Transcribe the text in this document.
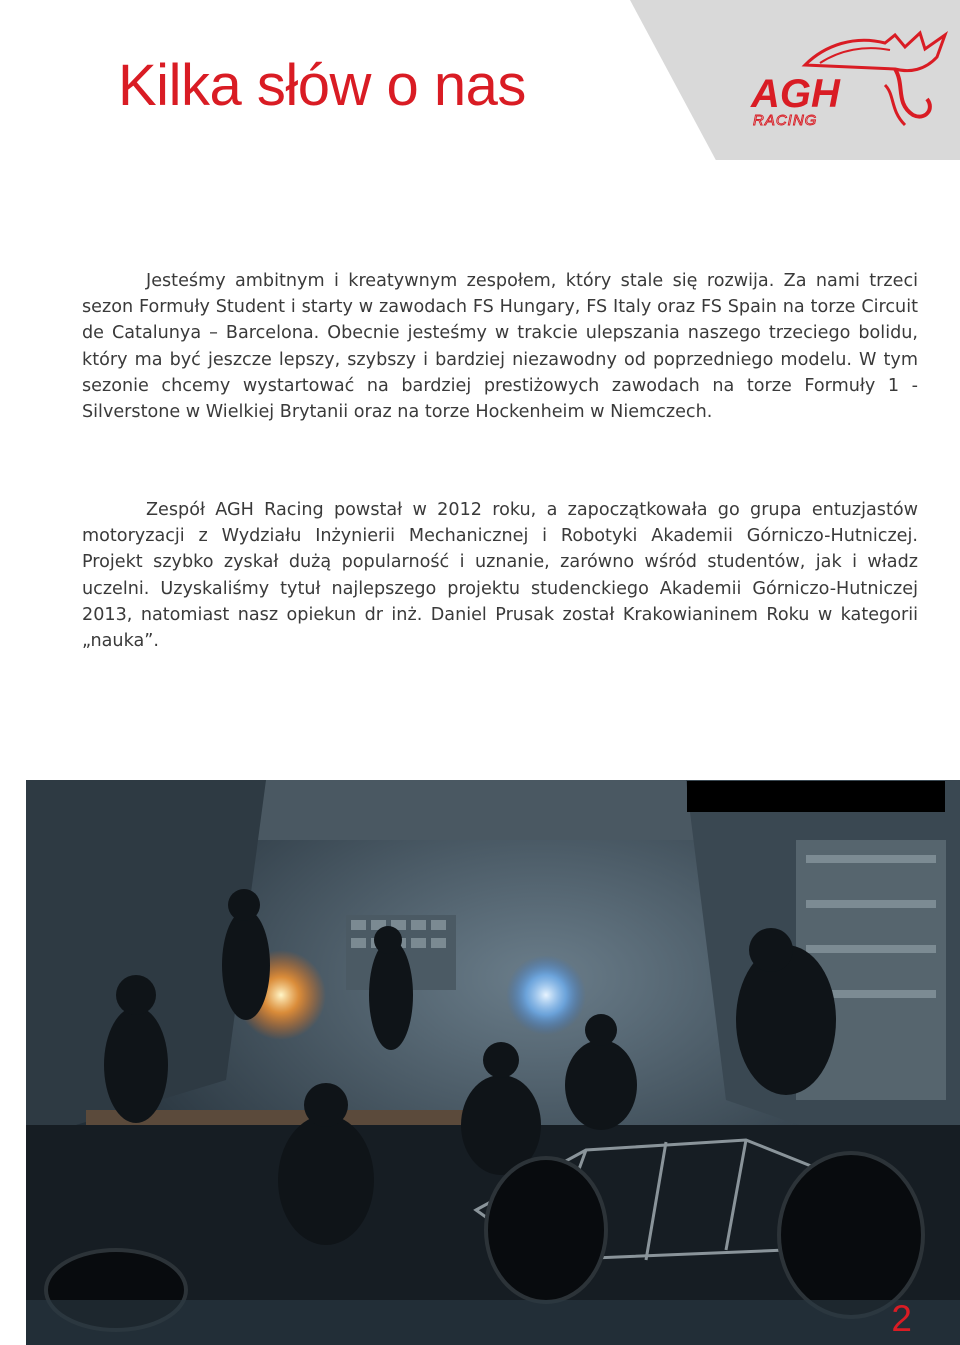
AGH
RACING
Kilka słów o nas

Jesteśmy ambitnym i kreatywnym zespołem, który stale się rozwija. Za nami trzeci sezon Formuły Student i starty w zawodach FS Hungary, FS Italy oraz FS Spain na torze Circuit de Catalunya – Barcelona. Obecnie jesteśmy w trakcie ulepszania naszego trzeciego bolidu, który ma być jeszcze lepszy, szybszy i bardziej niezawodny od poprzedniego modelu. W tym sezonie chcemy wystartować na bardziej prestiżowych zawodach na torze Formuły 1 - Silverstone w Wielkiej Brytanii oraz na torze Hockenheim w Niemczech.

Zespół AGH Racing powstał w 2012 roku, a zapoczątkowała go grupa entuzjastów motoryzacji z Wydziału Inżynierii Mechanicznej i Robotyki Akademii Górniczo-Hutniczej. Projekt szybko zyskał dużą popularność i uznanie, zarówno wśród studentów, jak i władz uczelni. Uzyskaliśmy tytuł najlepszego projektu studenckiego Akademii Górniczo-Hutniczej 2013, natomiast nasz opiekun dr inż. Daniel Prusak został Krakowianinem Roku w kategorii „nauka”.

2
